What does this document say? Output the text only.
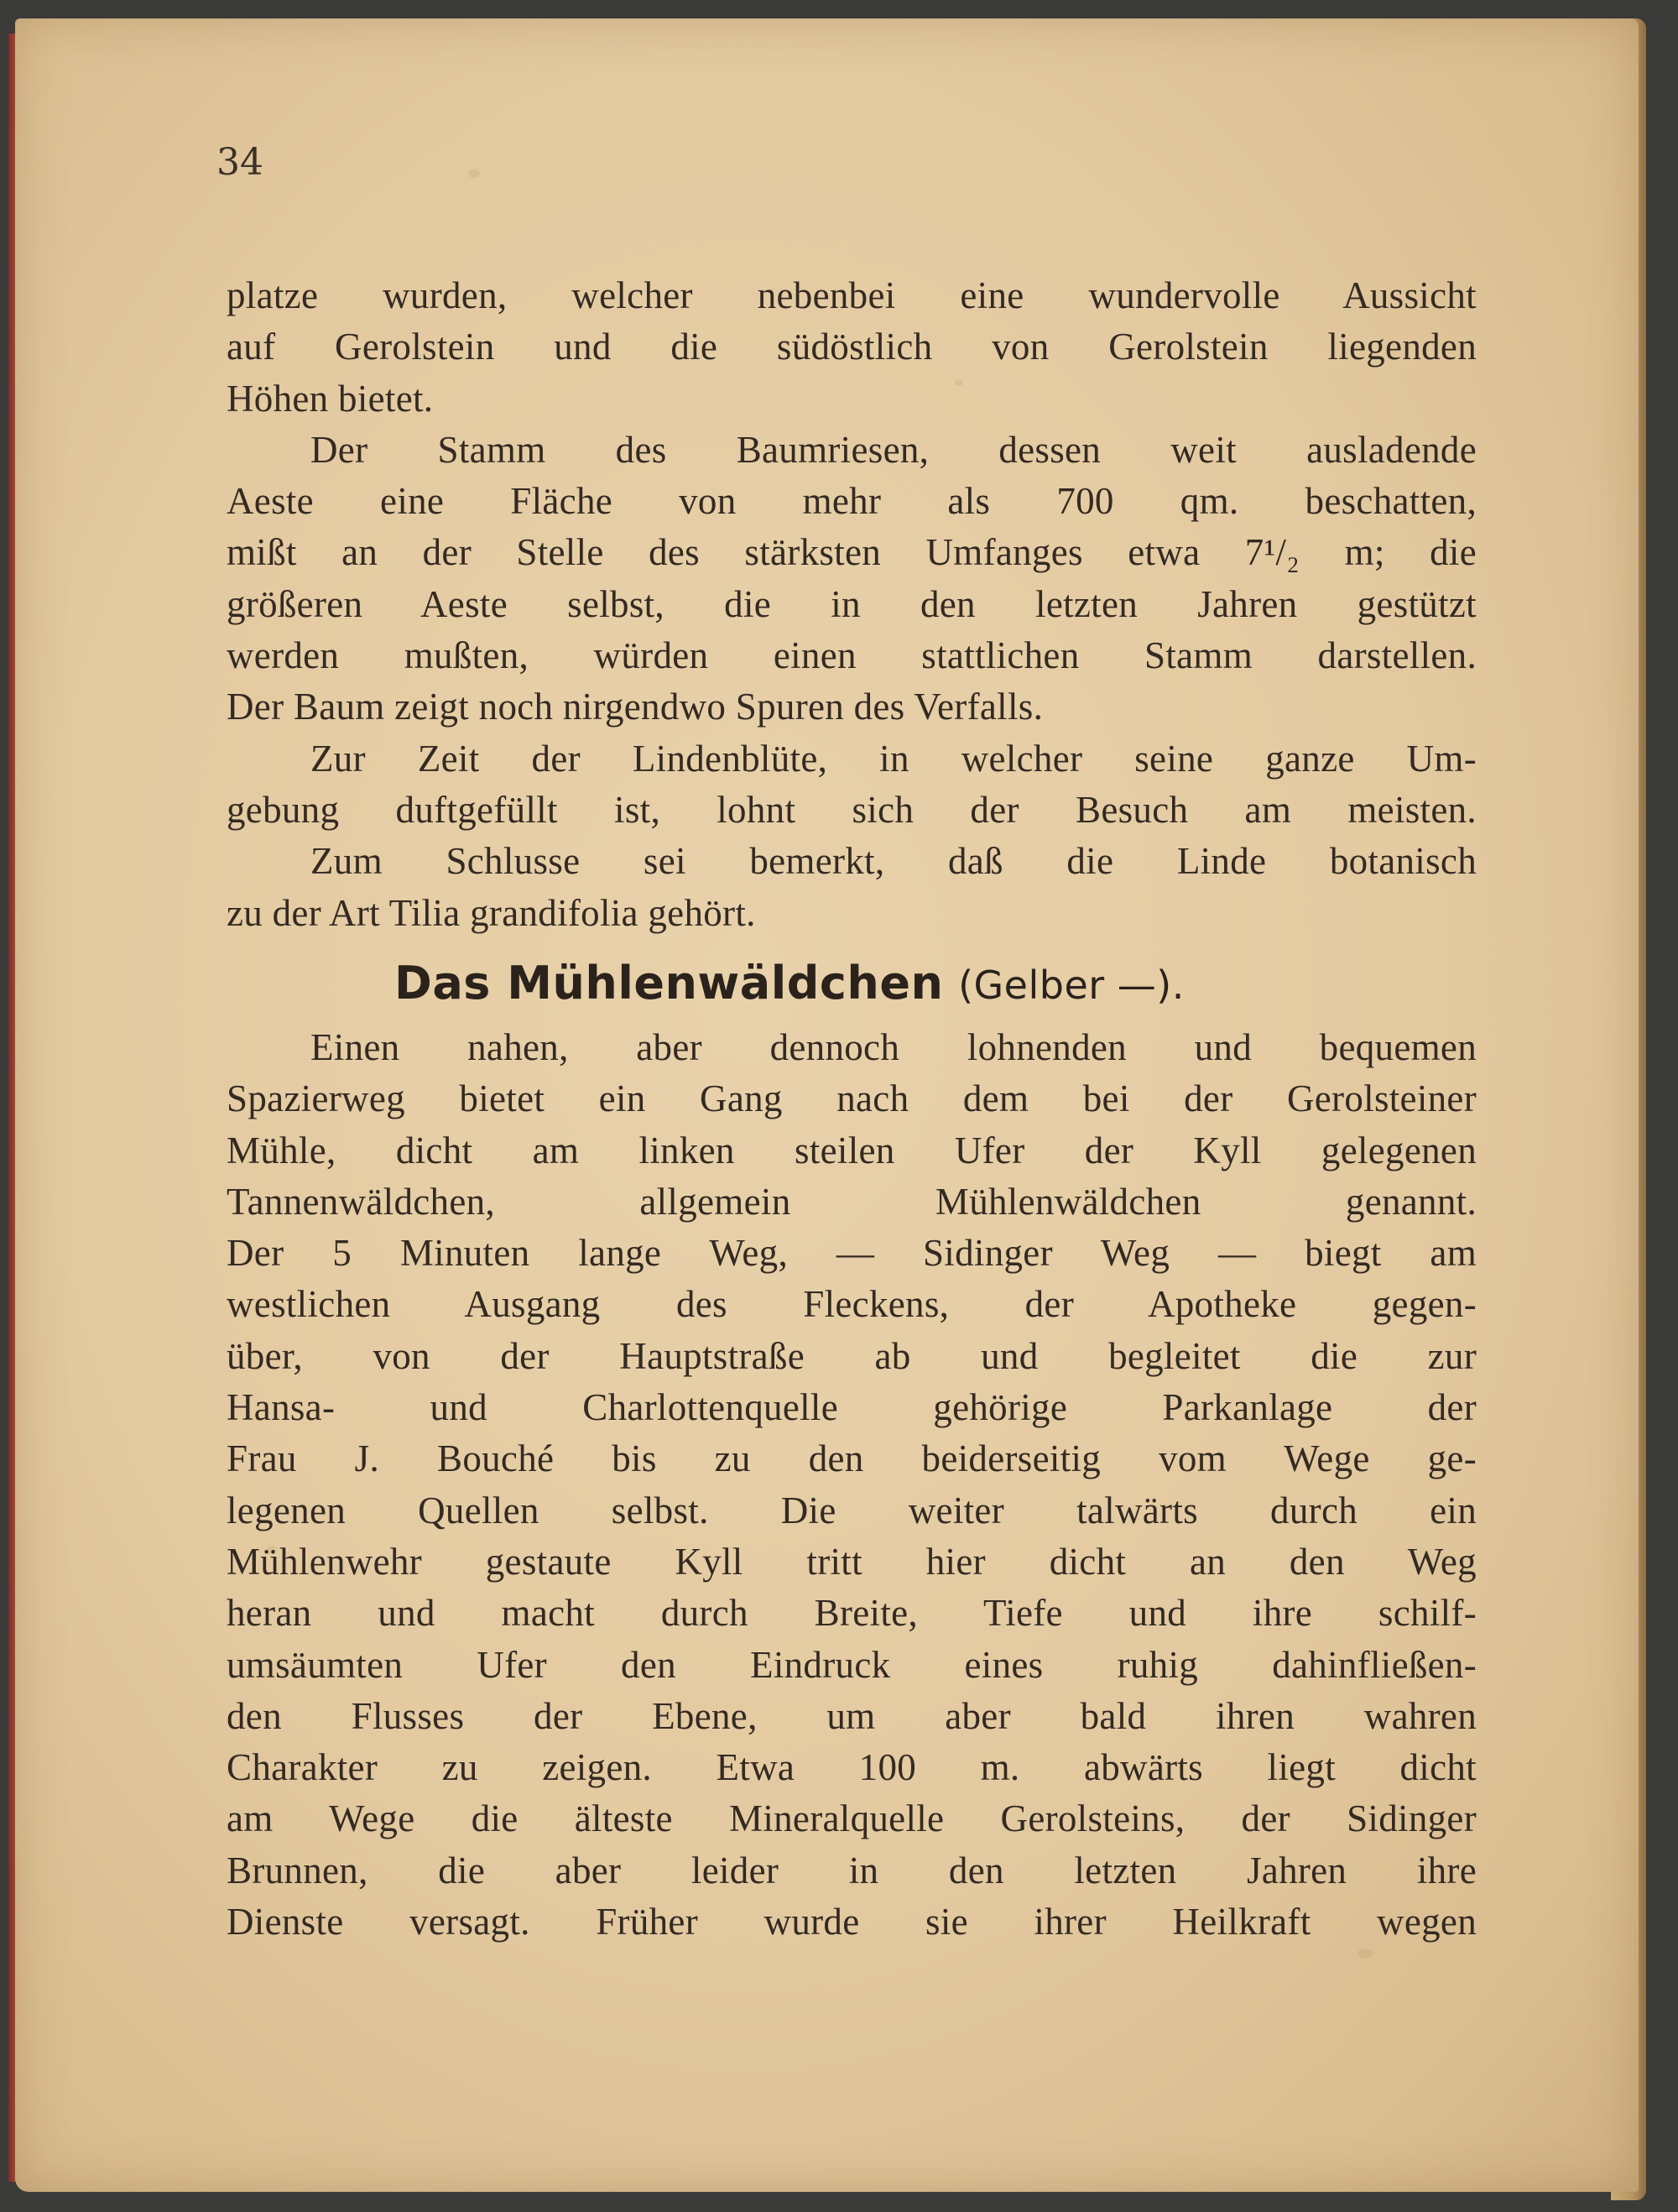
34
platze wurden, welcher nebenbei eine wundervolle Aussicht
auf Gerolstein und die südöstlich von Gerolstein liegenden
Höhen bietet.
Der Stamm des Baumriesen, dessen weit ausladende
Aeste eine Fläche von mehr als 700 qm. beschatten,
mißt an der Stelle des stärksten Umfanges etwa 7¹/₂ m; die
größeren Aeste selbst, die in den letzten Jahren gestützt
werden mußten, würden einen stattlichen Stamm darstellen.
Der Baum zeigt noch nirgendwo Spuren des Verfalls.
Zur Zeit der Lindenblüte, in welcher seine ganze Um-
gebung duftgefüllt ist, lohnt sich der Besuch am meisten.
Zum Schlusse sei bemerkt, daß die Linde botanisch
zu der Art Tilia grandifolia gehört.
Das Mühlenwäldchen (Gelber —).
Einen nahen, aber dennoch lohnenden und bequemen
Spazierweg bietet ein Gang nach dem bei der Gerolsteiner
Mühle, dicht am linken steilen Ufer der Kyll gelegenen
Tannenwäldchen, allgemein Mühlenwäldchen genannt.
Der 5 Minuten lange Weg, — Sidinger Weg — biegt am
westlichen Ausgang des Fleckens, der Apotheke gegen-
über, von der Hauptstraße ab und begleitet die zur
Hansa- und Charlottenquelle gehörige Parkanlage der
Frau J. Bouché bis zu den beiderseitig vom Wege ge-
legenen Quellen selbst. Die weiter talwärts durch ein
Mühlenwehr gestaute Kyll tritt hier dicht an den Weg
heran und macht durch Breite, Tiefe und ihre schilf-
umsäumten Ufer den Eindruck eines ruhig dahinfließen-
den Flusses der Ebene, um aber bald ihren wahren
Charakter zu zeigen. Etwa 100 m. abwärts liegt dicht
am Wege die älteste Mineralquelle Gerolsteins, der Sidinger
Brunnen, die aber leider in den letzten Jahren ihre
Dienste versagt. Früher wurde sie ihrer Heilkraft wegen
